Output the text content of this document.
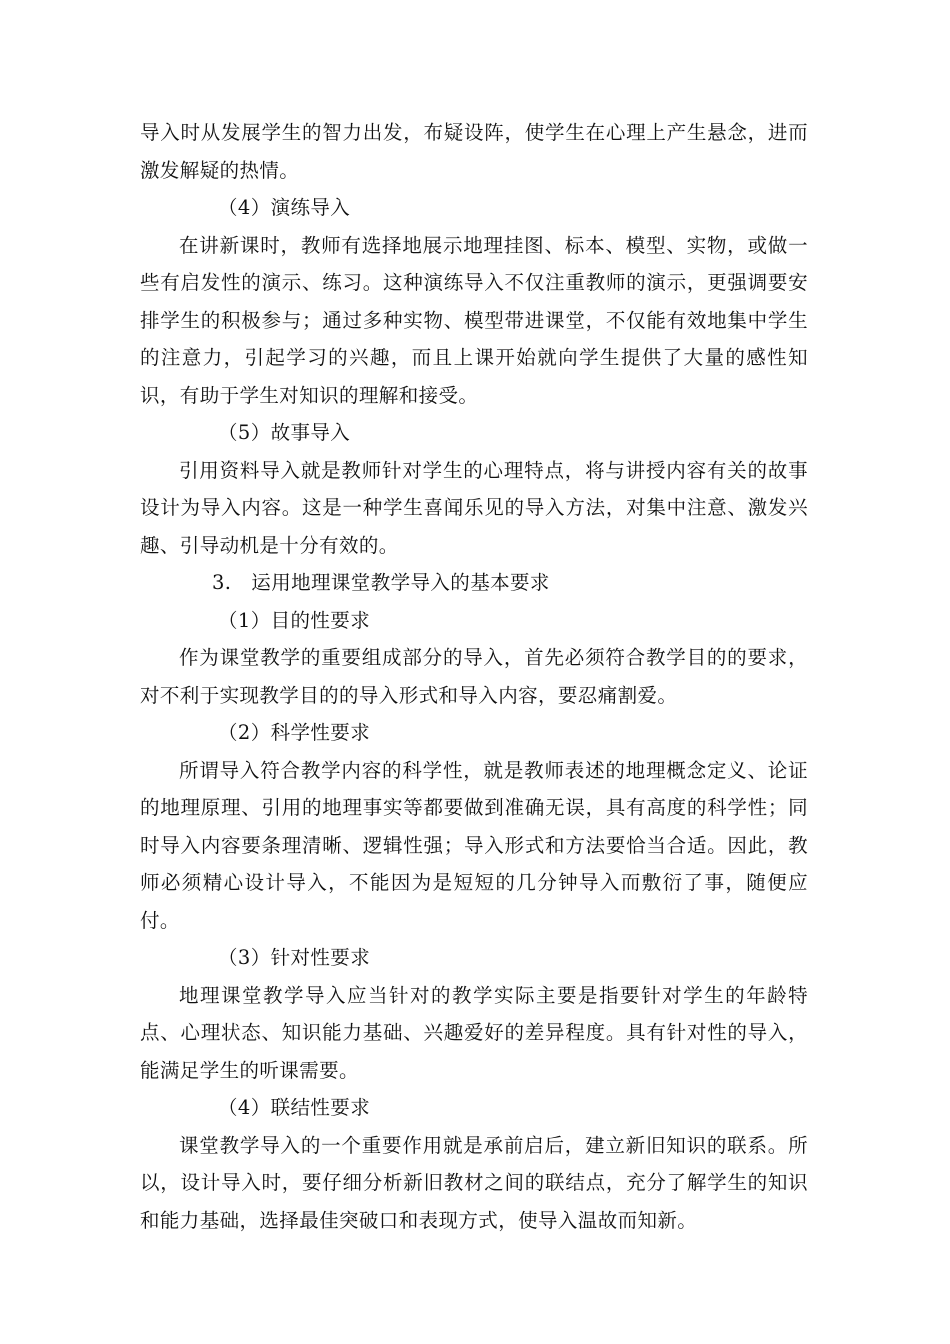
导入时从发展学生的智力出发，布疑设阵，使学生在心理上产生悬念，进而激发解疑的热情。

（4）演练导入

在讲新课时，教师有选择地展示地理挂图、标本、模型、实物，或做一些有启发性的演示、练习。这种演练导入不仅注重教师的演示，更强调要安排学生的积极参与；通过多种实物、模型带进课堂，不仅能有效地集中学生的注意力，引起学习的兴趣，而且上课开始就向学生提供了大量的感性知识，有助于学生对知识的理解和接受。

（5）故事导入

引用资料导入就是教师针对学生的心理特点，将与讲授内容有关的故事设计为导入内容。这是一种学生喜闻乐见的导入方法，对集中注意、激发兴趣、引导动机是十分有效的。

3.　运用地理课堂教学导入的基本要求

（1）目的性要求

作为课堂教学的重要组成部分的导入，首先必须符合教学目的的要求，对不利于实现教学目的的导入形式和导入内容，要忍痛割爱。

（2）科学性要求

所谓导入符合教学内容的科学性，就是教师表述的地理概念定义、论证的地理原理、引用的地理事实等都要做到准确无误，具有高度的科学性；同时导入内容要条理清晰、逻辑性强；导入形式和方法要恰当合适。因此，教师必须精心设计导入，不能因为是短短的几分钟导入而敷衍了事，随便应付。

（3）针对性要求

地理课堂教学导入应当针对的教学实际主要是指要针对学生的年龄特点、心理状态、知识能力基础、兴趣爱好的差异程度。具有针对性的导入，能满足学生的听课需要。

（4）联结性要求

课堂教学导入的一个重要作用就是承前启后，建立新旧知识的联系。所以，设计导入时，要仔细分析新旧教材之间的联结点，充分了解学生的知识和能力基础，选择最佳突破口和表现方式，使导入温故而知新。
